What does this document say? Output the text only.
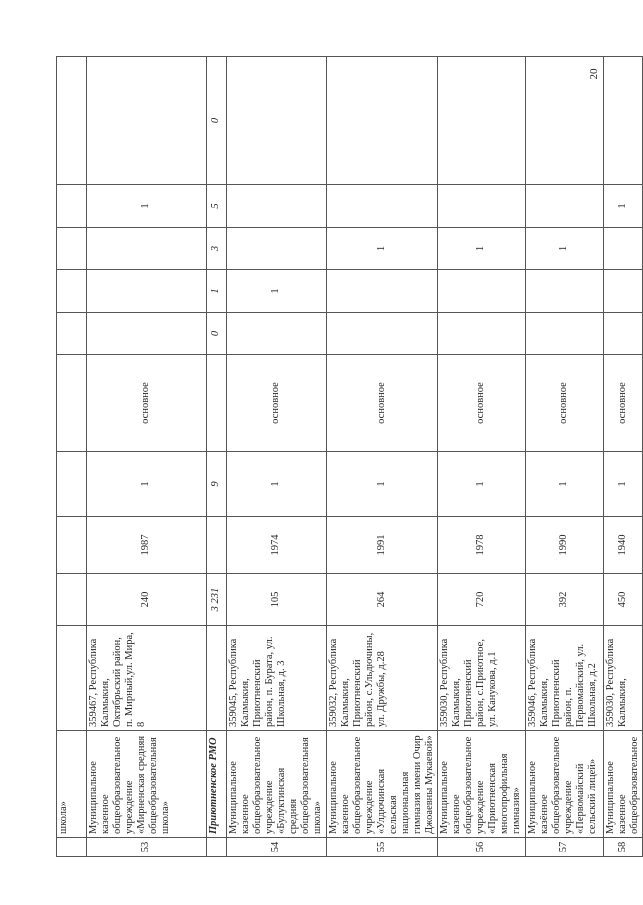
20
	школа»										
53	Муниципальное казенное общеобразовательное учреждение «Мирненская средняя общеобразовательная школа»	359467, Республика Калмыкия, Октябрьский район, п. Мирный,ул. Мира, 8	240	1987	1	основное				1	
	Приютненское РМО		3 231		9		0	1	3	5	0
54	Муниципальное казенное общеобразовательное учреждение «Булуктинская средняя общеобразовательная школа»	359045, Республика Калмыкия, Приютненский район, п. Бурата, ул. Школьная, д. 3	105	1974	1	основное		1			
55	Муниципальное казенное общеобразовательное учреждение «Улдючинская сельская национальная гимназия имени Очир Джоаевны Мукаевой»	359032, Республика Калмыкия, Приютненский район, с.Ульдючины, ул. Дружбы, д.28	264	1991	1	основное			1		
56	Муниципальное казенное общеобразовательное учреждение «Приютненская многопрофильная гимназия»	359030, Республика Калмыкия, Приютненский район, с.Приютное, ул. Канукова, д.1	720	1978	1	основное			1		
57	Муниципальное казённое общеобразовательное учреждение «Первомайский сельский лицей»	359046, Республика Калмыкия, Приютненский район, п. Первомайский, ул. Школьная, д.2	392	1990	1	основное			1		
58	Муниципальное казенное общеобразовательное	359030, Республика Калмыкия,	450	1940	1	основное				1	
